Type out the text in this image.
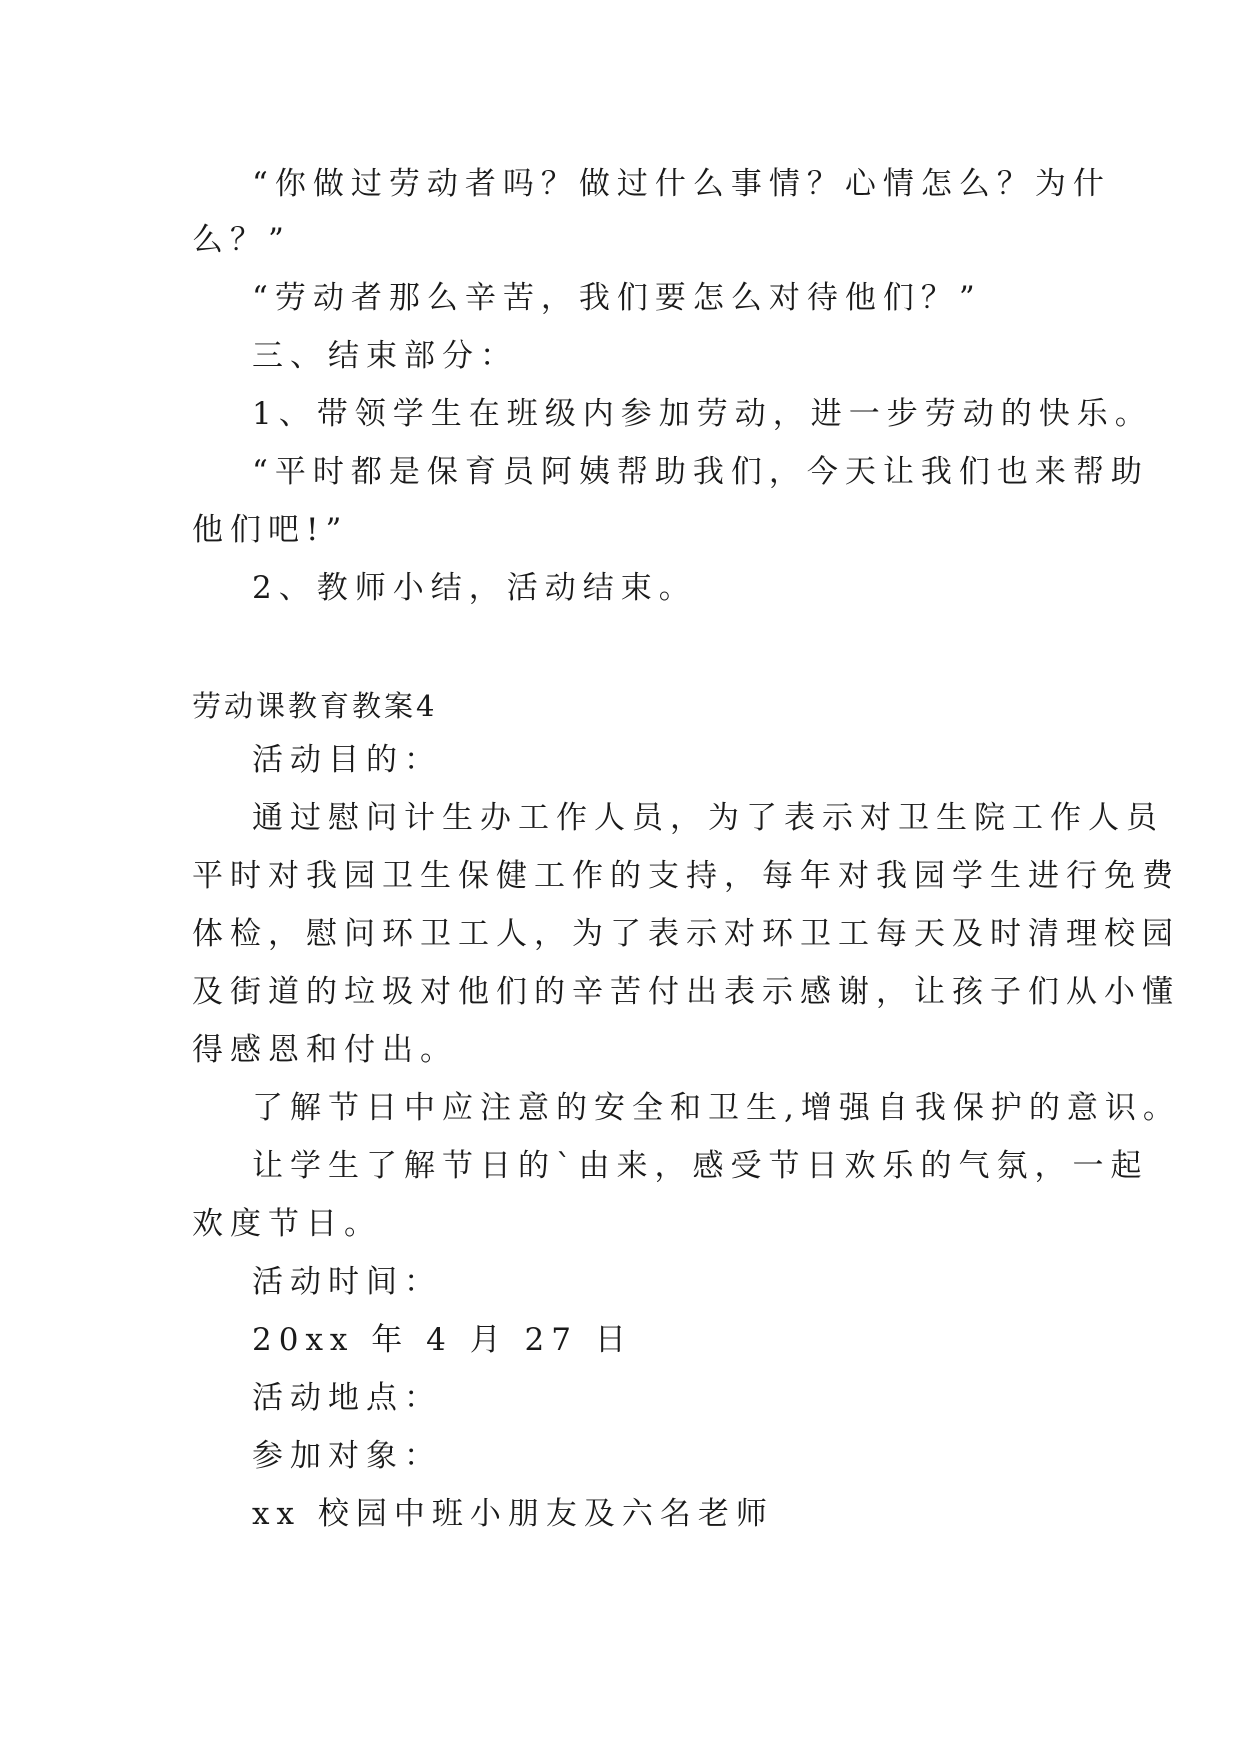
“你做过劳动者吗？做过什么事情？心情怎么？为什
么？”
“劳动者那么辛苦，我们要怎么对待他们？”
三、结束部分：
1、带领学生在班级内参加劳动，进一步劳动的快乐。
“平时都是保育员阿姨帮助我们，今天让我们也来帮助
他们吧!”
2、教师小结，活动结束。
劳动课教育教案4
活动目的：
通过慰问计生办工作人员，为了表示对卫生院工作人员
平时对我园卫生保健工作的支持，每年对我园学生进行免费
体检，慰问环卫工人，为了表示对环卫工每天及时清理校园
及街道的垃圾对他们的辛苦付出表示感谢，让孩子们从小懂
得感恩和付出。
了解节日中应注意的安全和卫生,增强自我保护的意识。
让学生了解节日的`由来，感受节日欢乐的气氛，一起
欢度节日。
活动时间：
20xx 年 4 月 27 日
活动地点：
参加对象：
xx 校园中班小朋友及六名老师
